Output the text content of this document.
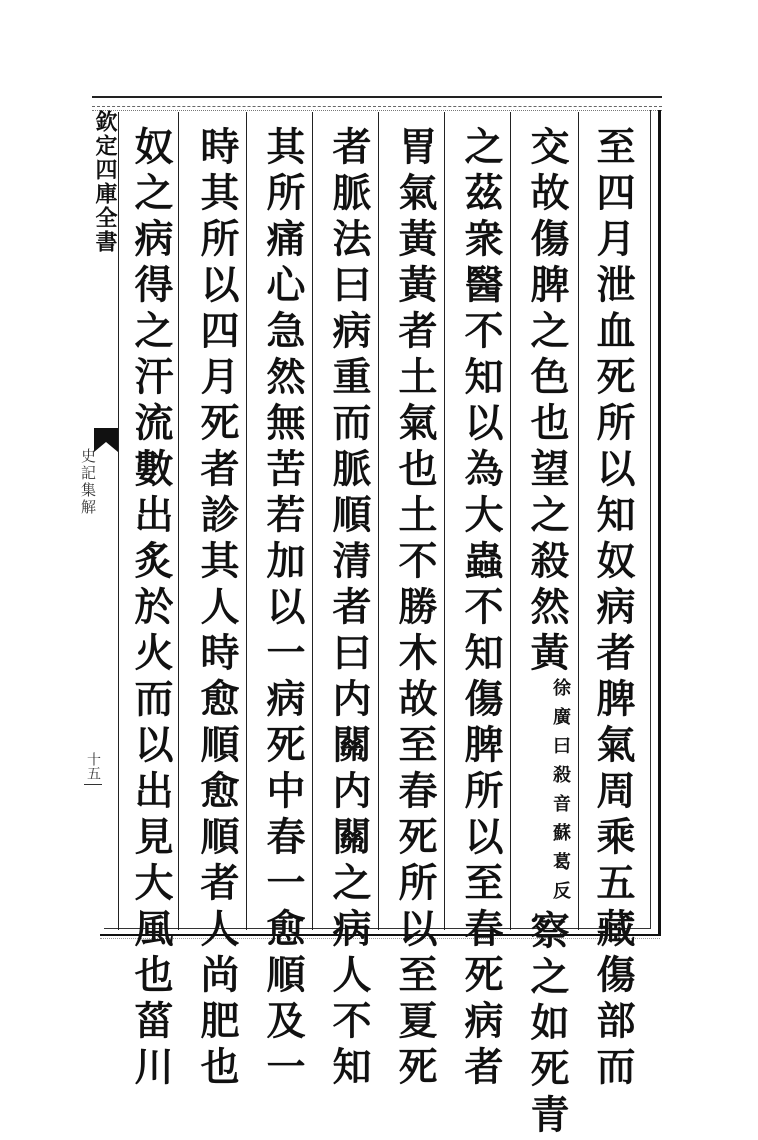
至四月泄血死所以知奴病者脾氣周乘五藏傷部而
交故傷脾之色也望之殺然黃徐廣曰殺音蘇葛反察之如死青
之茲衆醫不知以為大蟲不知傷脾所以至春死病者
胃氣黃黃者土氣也土不勝木故至春死所以至夏死
者脈法曰病重而脈順清者曰内關内關之病人不知
其所痛心急然無苦若加以一病死中春一愈順及一
時其所以四月死者診其人時愈順愈順者人尚肥也
奴之病得之汗流數出炙於火而以出見大風也菑川
欽定四庫全書
史記集解
十五
